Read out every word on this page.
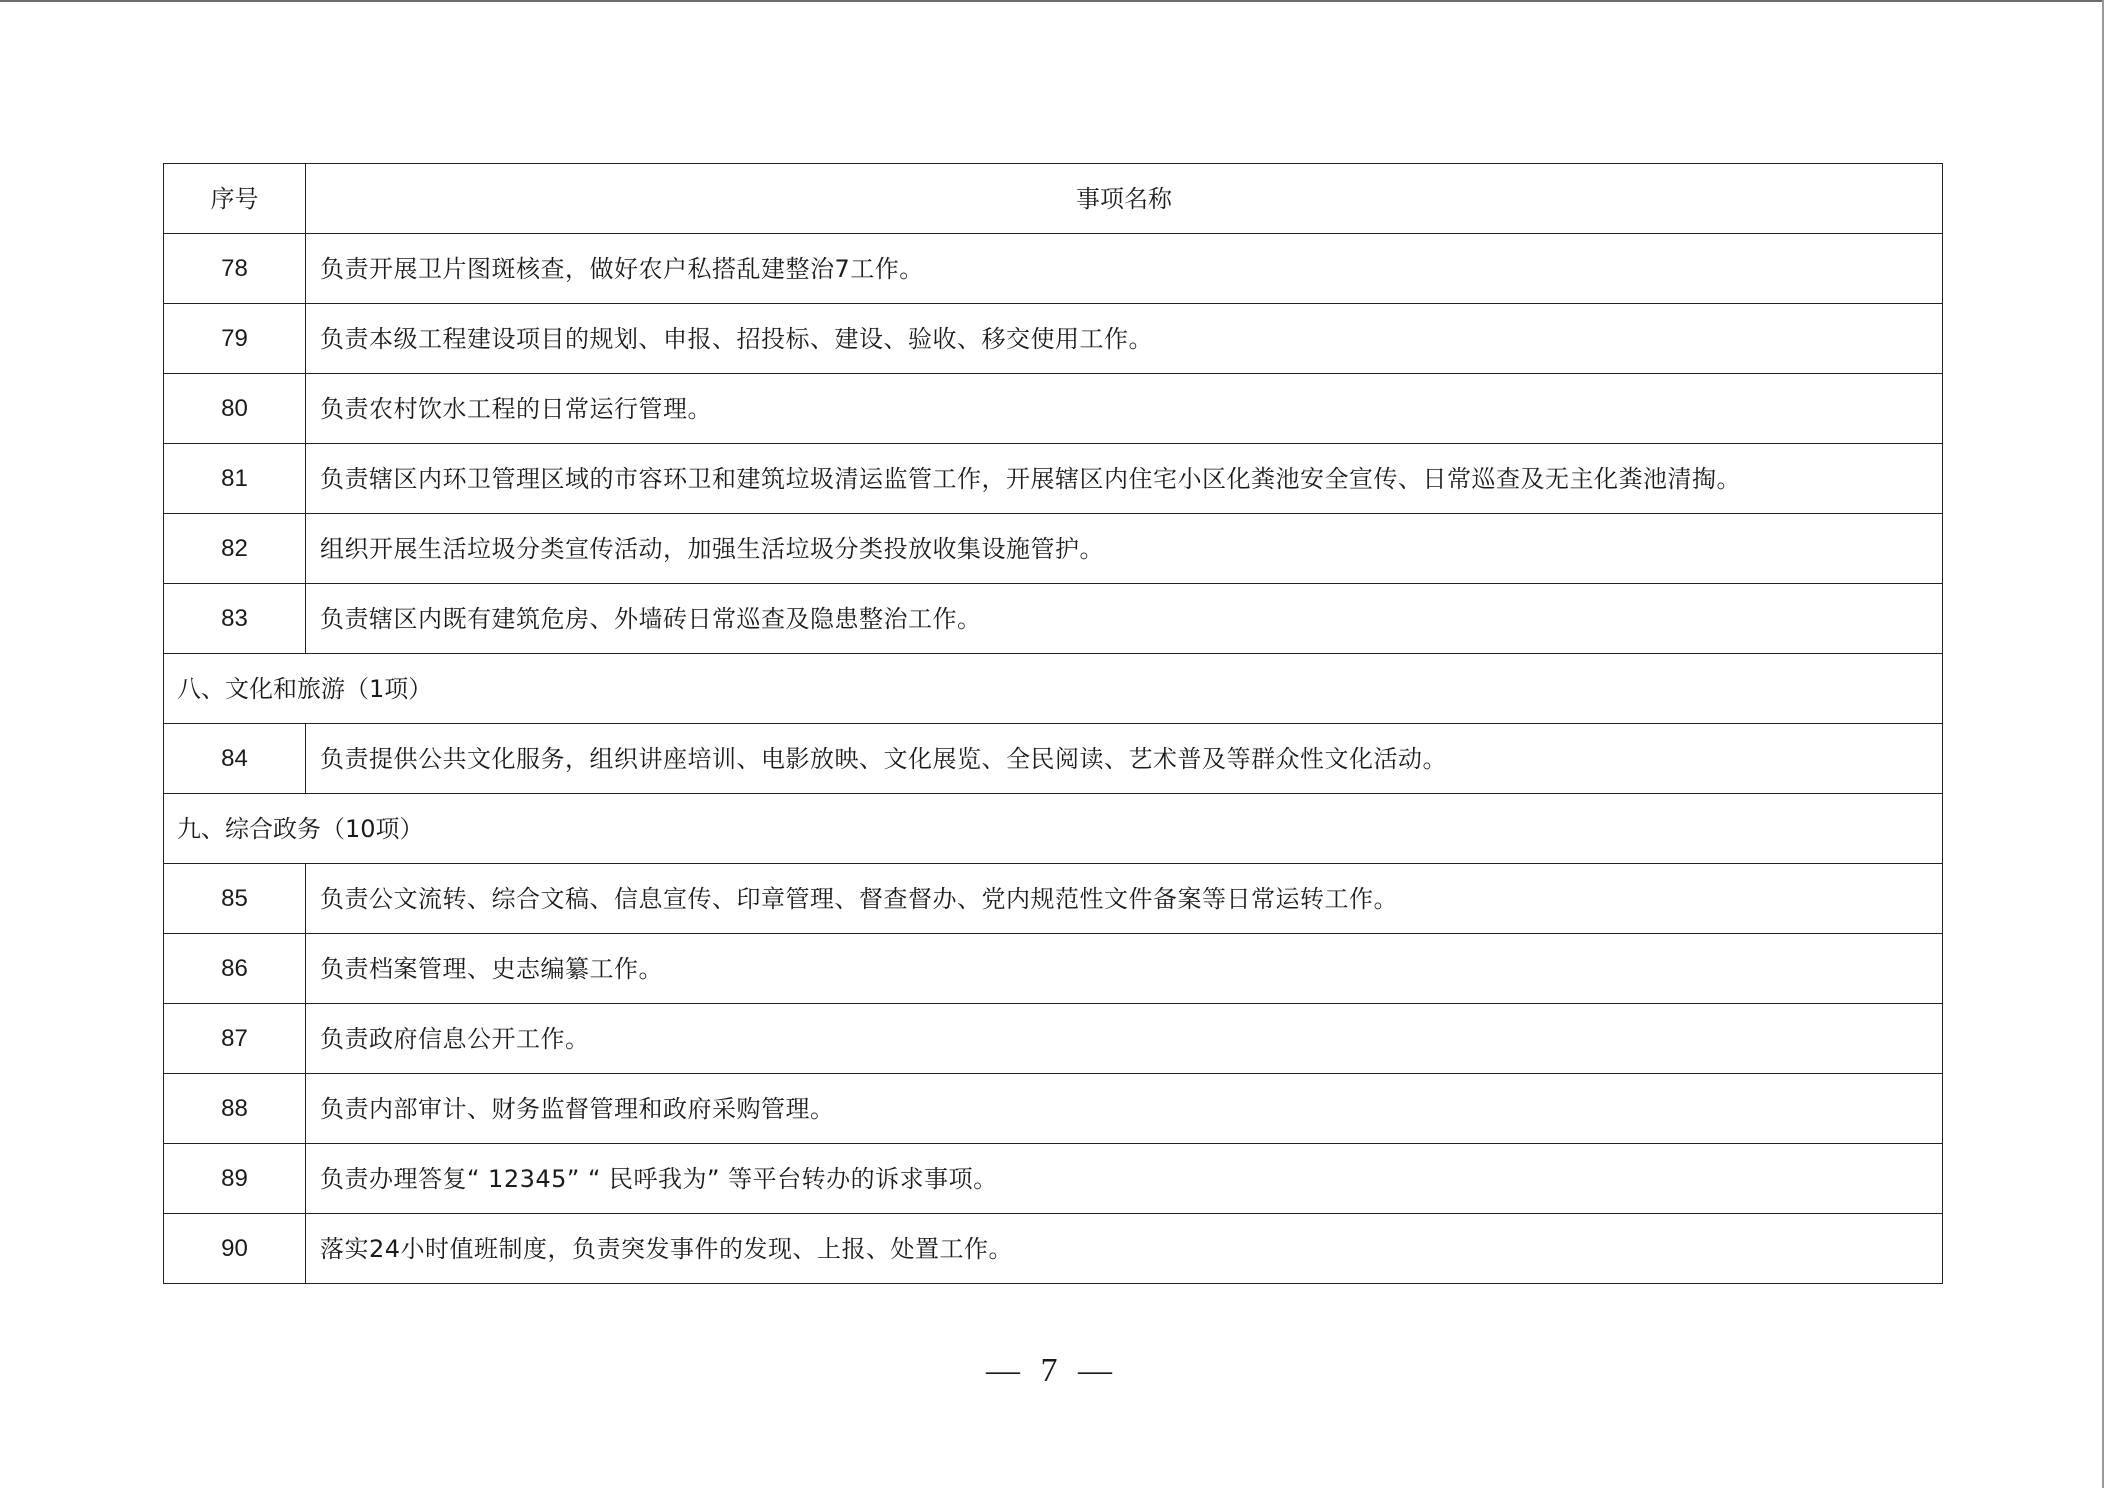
序号	事项名称
78	负责开展卫片图斑核查，做好农户私搭乱建整治7工作。
79	负责本级工程建设项目的规划、申报、招投标、建设、验收、移交使用工作。
80	负责农村饮水工程的日常运行管理。
81	负责辖区内环卫管理区域的市容环卫和建筑垃圾清运监管工作，开展辖区内住宅小区化粪池安全宣传、日常巡查及无主化粪池清掏。
82	组织开展生活垃圾分类宣传活动，加强生活垃圾分类投放收集设施管护。
83	负责辖区内既有建筑危房、外墙砖日常巡查及隐患整治工作。
八、文化和旅游（1项）	
84	负责提供公共文化服务，组织讲座培训、电影放映、文化展览、全民阅读、艺术普及等群众性文化活动。
九、综合政务（10项）	
85	负责公文流转、综合文稿、信息宣传、印章管理、督查督办、党内规范性文件备案等日常运转工作。
86	负责档案管理、史志编纂工作。
87	负责政府信息公开工作。
88	负责内部审计、财务监督管理和政府采购管理。
89	负责办理答复“ 12345” “ 民呼我为” 等平台转办的诉求事项。
90	落实24小时值班制度，负责突发事件的发现、上报、处置工作。
— 7 —
